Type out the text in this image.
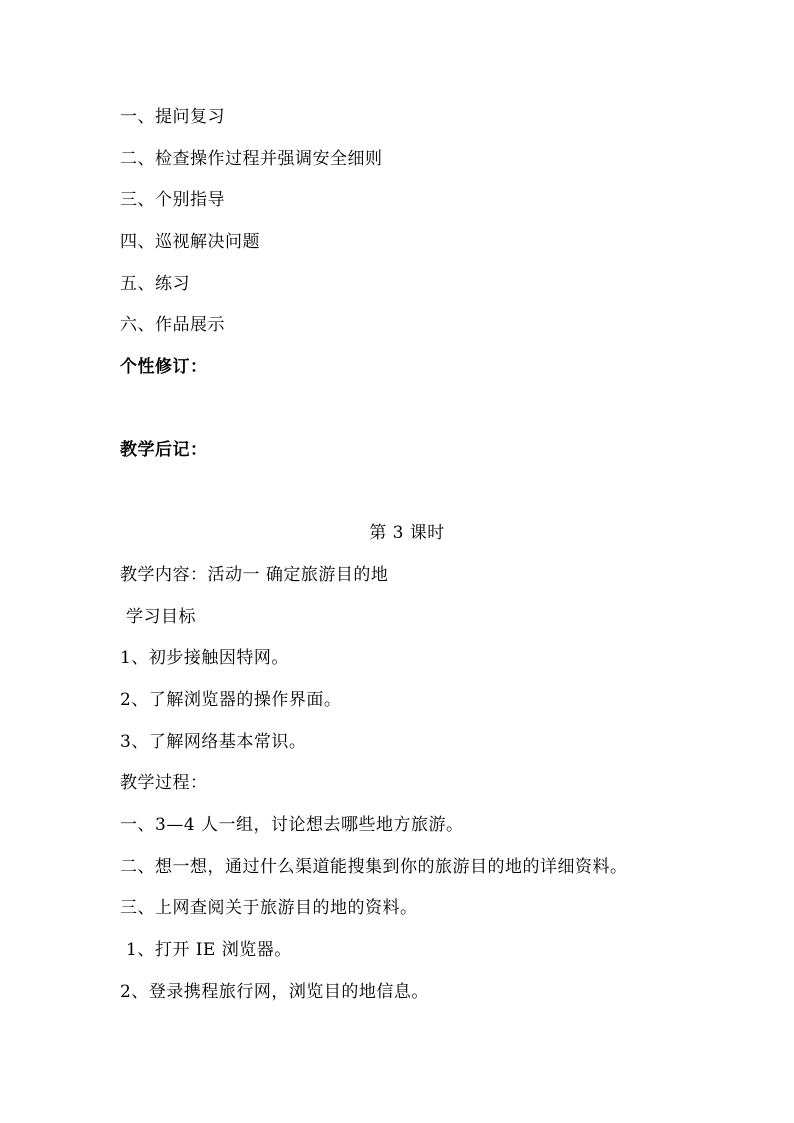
一、提问复习
二、检查操作过程并强调安全细则
三、个别指导
四、巡视解决问题
五、练习
六、作品展示
个性修订：
教学后记：
第 3 课时
教学内容：活动一 确定旅游目的地
学习目标
1、初步接触因特网。
2、了解浏览器的操作界面。
3、了解网络基本常识。
教学过程：
一、3—4 人一组，讨论想去哪些地方旅游。
二、想一想，通过什么渠道能搜集到你的旅游目的地的详细资料。
三、上网查阅关于旅游目的地的资料。
1、打开 IE 浏览器。
2、登录携程旅行网，浏览目的地信息。
